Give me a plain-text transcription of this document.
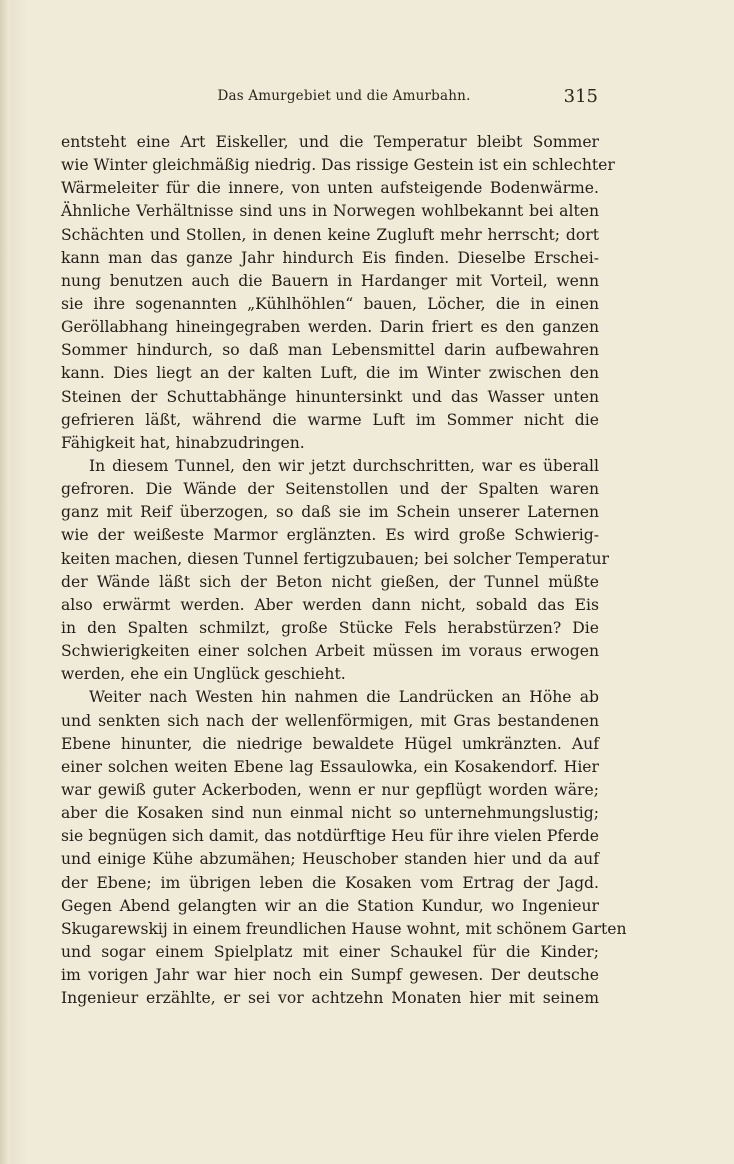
Das Amurgebiet und die Amurbahn.	315
entsteht eine Art Eiskeller, und die Temperatur bleibt Sommer
wie Winter gleichmäßig niedrig. Das rissige Gestein ist ein schlechter
Wärmeleiter für die innere, von unten aufsteigende Bodenwärme.
Ähnliche Verhältnisse sind uns in Norwegen wohlbekannt bei alten
Schächten und Stollen, in denen keine Zugluft mehr herrscht; dort
kann man das ganze Jahr hindurch Eis finden. Dieselbe Erschei-
nung benutzen auch die Bauern in Hardanger mit Vorteil, wenn
sie ihre sogenannten „Kühlhöhlen“ bauen, Löcher, die in einen
Geröllabhang hineingegraben werden. Darin friert es den ganzen
Sommer hindurch, so daß man Lebensmittel darin aufbewahren
kann. Dies liegt an der kalten Luft, die im Winter zwischen den
Steinen der Schuttabhänge hinuntersinkt und das Wasser unten
gefrieren läßt, während die warme Luft im Sommer nicht die
Fähigkeit hat, hinabzudringen.
In diesem Tunnel, den wir jetzt durchschritten, war es überall
gefroren. Die Wände der Seitenstollen und der Spalten waren
ganz mit Reif überzogen, so daß sie im Schein unserer Laternen
wie der weißeste Marmor erglänzten. Es wird große Schwierig-
keiten machen, diesen Tunnel fertigzubauen; bei solcher Temperatur
der Wände läßt sich der Beton nicht gießen, der Tunnel müßte
also erwärmt werden. Aber werden dann nicht, sobald das Eis
in den Spalten schmilzt, große Stücke Fels herabstürzen? Die
Schwierigkeiten einer solchen Arbeit müssen im voraus erwogen
werden, ehe ein Unglück geschieht.
Weiter nach Westen hin nahmen die Landrücken an Höhe ab
und senkten sich nach der wellenförmigen, mit Gras bestandenen
Ebene hinunter, die niedrige bewaldete Hügel umkränzten. Auf
einer solchen weiten Ebene lag Essaulowka, ein Kosakendorf. Hier
war gewiß guter Ackerboden, wenn er nur gepflügt worden wäre;
aber die Kosaken sind nun einmal nicht so unternehmungslustig;
sie begnügen sich damit, das notdürftige Heu für ihre vielen Pferde
und einige Kühe abzumähen; Heuschober standen hier und da auf
der Ebene; im übrigen leben die Kosaken vom Ertrag der Jagd.
Gegen Abend gelangten wir an die Station Kundur, wo Ingenieur
Skugarewskij in einem freundlichen Hause wohnt, mit schönem Garten
und sogar einem Spielplatz mit einer Schaukel für die Kinder;
im vorigen Jahr war hier noch ein Sumpf gewesen. Der deutsche
Ingenieur erzählte, er sei vor achtzehn Monaten hier mit seinem
